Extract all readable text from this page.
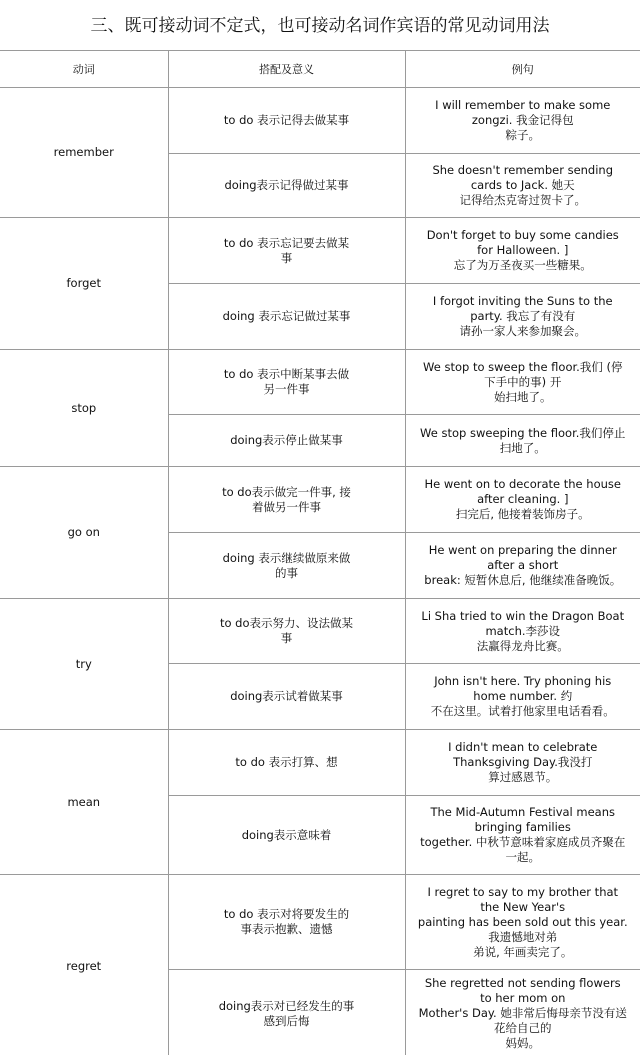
三、既可接动词不定式，也可接动名词作宾语的常见动词用法
动词	搭配及意义	例句
remember	to do 表示记得去做某事	I will remember to make some zongzi. 我金记得包
粽子。

	doing表示记得做过某事	She doesn't remember sending cards to Jack. 她天
记得给杰克寄过贺卡了。

forget	to do 表示忘记要去做某事	Don't forget to buy some candies for Halloween. ]
忘了为万圣夜买一些糖果。

	doing 表示忘记做过某事	I forgot inviting the Suns to the party. 我忘了有没有
请孙一家人来参加聚会。

stop	to do 表示中断某事去做另一件事	We stop to sweep the floor.我们 (停下手中的事) 开
始扫地了。

	doing表示停止做某事	We stop sweeping the floor.我们停止扫地了。

go on	to do表示做完一件事, 接着做另一件事	He went on to decorate the house after cleaning. ]
扫完后, 他接着装饰房子。

	doing 表示继续做原来做的事	He went on preparing the dinner after a short
break: 短暂休息后, 他继续准备晚饭。

try	to do表示努力、设法做某事	Li Sha tried to win the Dragon Boat match.李莎设
法赢得龙舟比赛。

	doing表示试着做某事	John isn't here. Try phoning his home number. 约
不在这里。试着打他家里电话看看。

mean	to do 表示打算、想	I didn't mean to celebrate Thanksgiving Day.我没打
算过感恩节。

	doing表示意味着	The Mid-Autumn Festival means bringing families
together. 中秋节意味着家庭成员齐聚在一起。

regret	to do 表示对将要发生的事表示抱歉、遗憾	I regret to say to my brother that the New Year's
painting has been sold out this year.我遗憾地对弟
弟说, 年画卖完了。

	doing表示对已经发生的事感到后悔	She regretted not sending flowers to her mom on
Mother's Day. 她非常后悔母亲节没有送花给自己的
妈妈。
